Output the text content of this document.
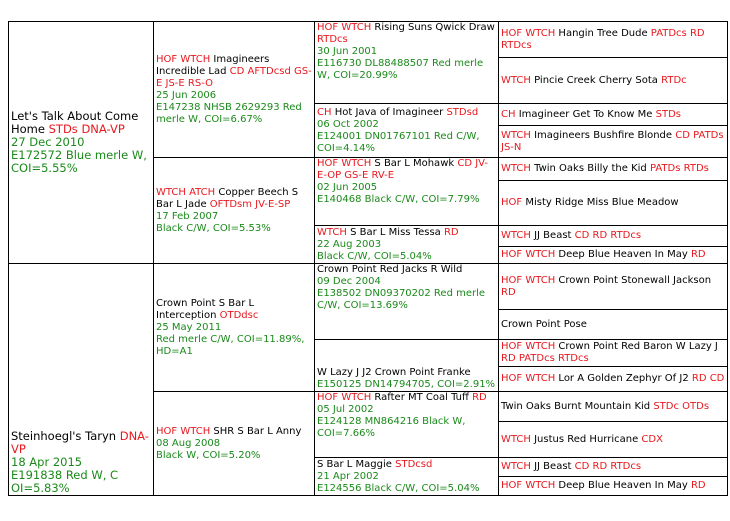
Let's Talk About Come Home STDs DNA-VP
27 Dec 2010
E172572 Blue merle W, COI=5.55%
Steinhoegl's Taryn DNA-VP
18 Apr 2015
E191838 Red W, C OI=5.83%
HOF WTCH Imagineers Incredible Lad CD AFTDcsd GS-E JS-E RS-O
25 Jun 2006
E147238 NHSB 2629293 Red merle W, COI=6.67%
WTCH ATCH Copper Beech S Bar L Jade OFTDsm JV-E-SP
17 Feb 2007
Black C/W, COI=5.53%
Crown Point S Bar L Interception OTDdsc
25 May 2011
Red merle C/W, COI=11.89%, HD=A1
HOF WTCH SHR S Bar L Anny
08 Aug 2008
Black W, COI=5.20%
HOF WTCH Rising Suns Qwick Draw RTDcs
30 Jun 2001
E116730 DL88488507 Red merle W, COI=20.99%
CH Hot Java of Imagineer STDsd
06 Oct 2002
E124001 DN01767101 Red C/W, COI=4.14%
HOF WTCH S Bar L Mohawk CD JV-E-OP GS-E RV-E
02 Jun 2005
E140468 Black C/W, COI=7.79%
WTCH S Bar L Miss Tessa RD
22 Aug 2003
Black C/W, COI=5.04%
Crown Point Red Jacks R Wild
09 Dec 2004
E138502 DN09370202 Red merle C/W, COI=13.69%
W Lazy J J2 Crown Point Franke
E150125 DN14794705, COI=2.91%
HOF WTCH Rafter MT Coal Tuff RD
05 Jul 2002
E124128 MN864216 Black W, COI=7.66%
S Bar L Maggie STDcsd
21 Apr 2002
E124556 Black C/W, COI=5.04%
HOF WTCH Hangin Tree Dude PATDcs RD RTDcs
WTCH Pincie Creek Cherry Sota RTDc
CH Imagineer Get To Know Me STDs
WTCH Imagineers Bushfire Blonde CD PATDs JS-N
WTCH Twin Oaks Billy the Kid PATDs RTDs
HOF Misty Ridge Miss Blue Meadow
WTCH JJ Beast CD RD RTDcs
HOF WTCH Deep Blue Heaven In May RD
HOF WTCH Crown Point Stonewall Jackson RD
Crown Point Pose
HOF WTCH Crown Point Red Baron W Lazy J RD PATDcs RTDcs
HOF WTCH Lor A Golden Zephyr Of J2 RD CD
Twin Oaks Burnt Mountain Kid STDc OTDs
WTCH Justus Red Hurricane CDX
WTCH JJ Beast CD RD RTDcs
HOF WTCH Deep Blue Heaven In May RD
